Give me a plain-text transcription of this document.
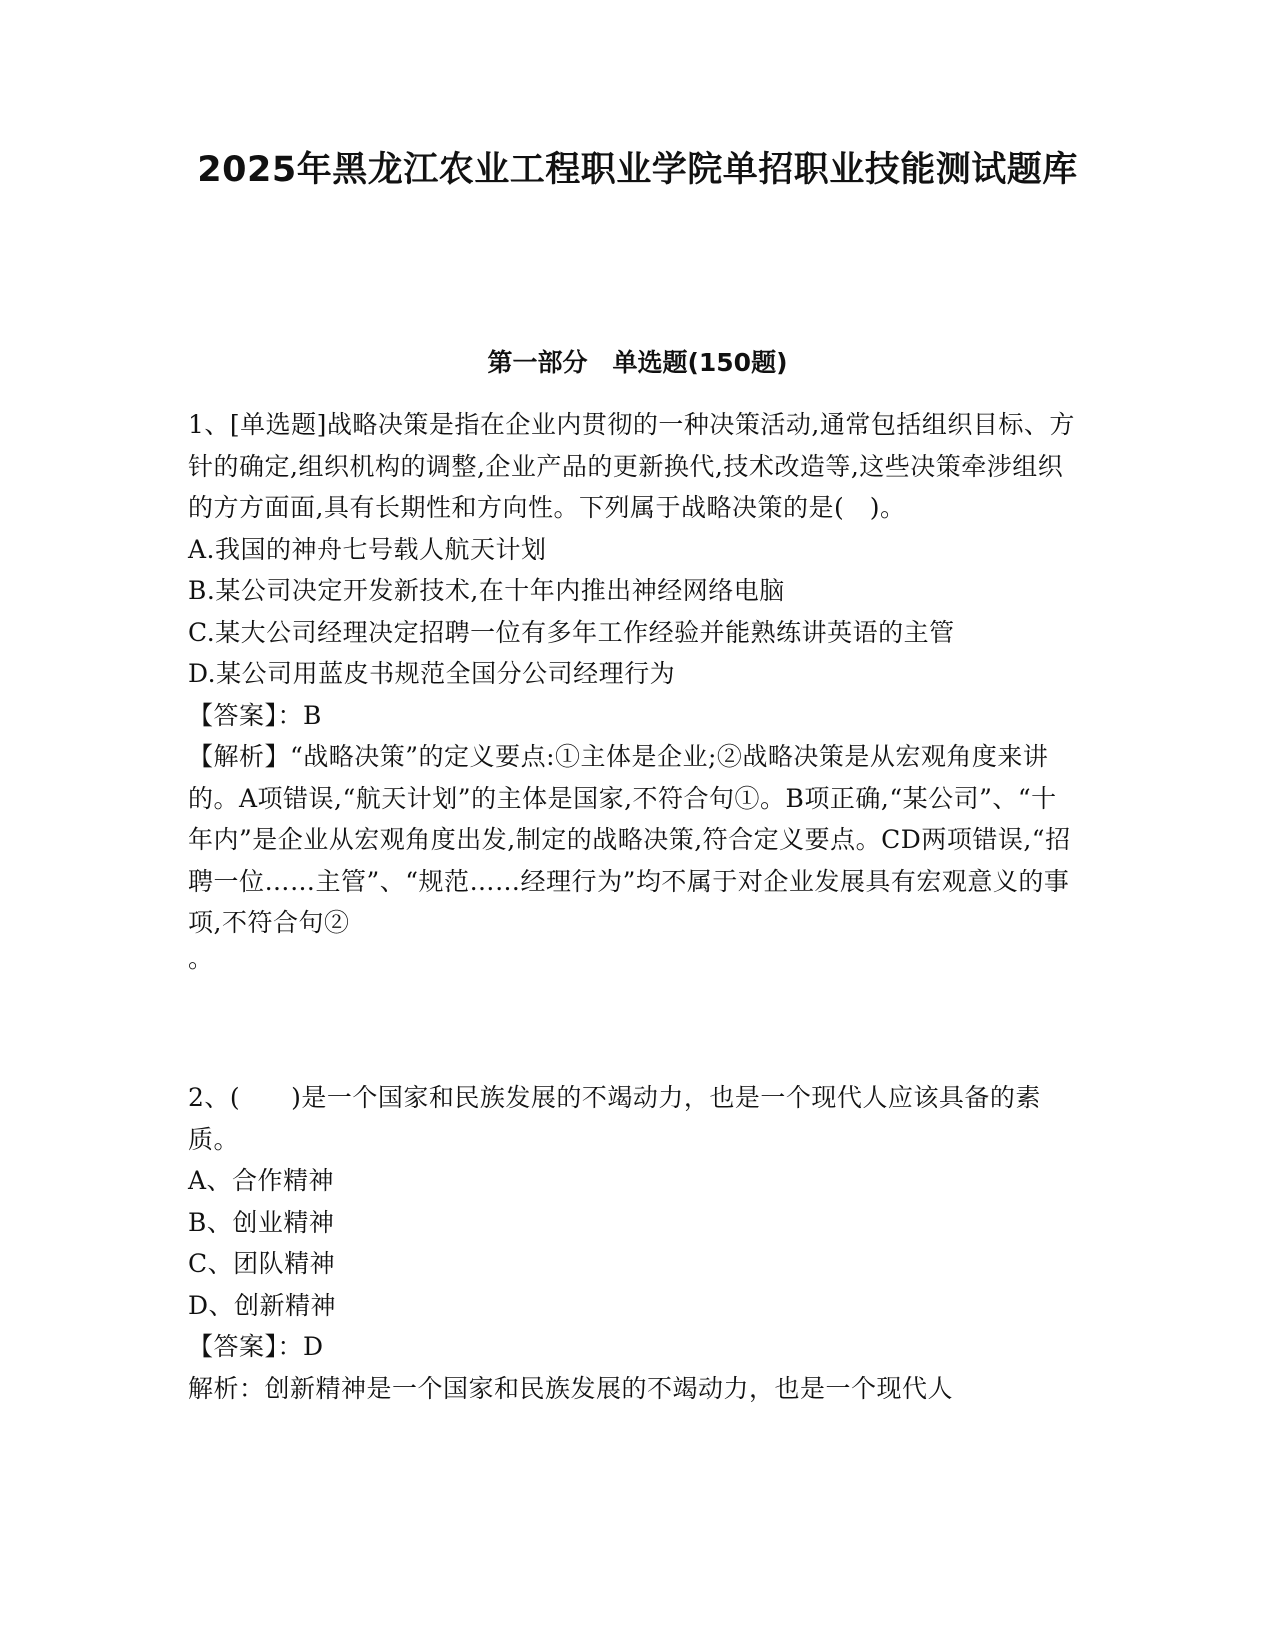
2025年黑龙江农业工程职业学院单招职业技能测试题库
第一部分　单选题(150题)

1、[单选题]战略决策是指在企业内贯彻的一种决策活动,通常包括组织目标、方针的确定,组织机构的调整,企业产品的更新换代,技术改造等,这些决策牵涉组织的方方面面,具有长期性和方向性。下列属于战略决策的是(　)。

A.我国的神舟七号载人航天计划

B.某公司决定开发新技术,在十年内推出神经网络电脑

C.某大公司经理决定招聘一位有多年工作经验并能熟练讲英语的主管

D.某公司用蓝皮书规范全国分公司经理行为

【答案】：B

【解析】“战略决策”的定义要点:①主体是企业;②战略决策是从宏观角度来讲的。A项错误,“航天计划”的主体是国家,不符合句①。B项正确,“某公司”、“十年内”是企业从宏观角度出发,制定的战略决策,符合定义要点。CD两项错误,“招聘一位……主管”、“规范……经理行为”均不属于对企业发展具有宏观意义的事项,不符合句②

。

2、(　　)是一个国家和民族发展的不竭动力，也是一个现代人应该具备的素质。

A、合作精神

B、创业精神

C、团队精神

D、创新精神

【答案】：D

解析：创新精神是一个国家和民族发展的不竭动力，也是一个现代人
